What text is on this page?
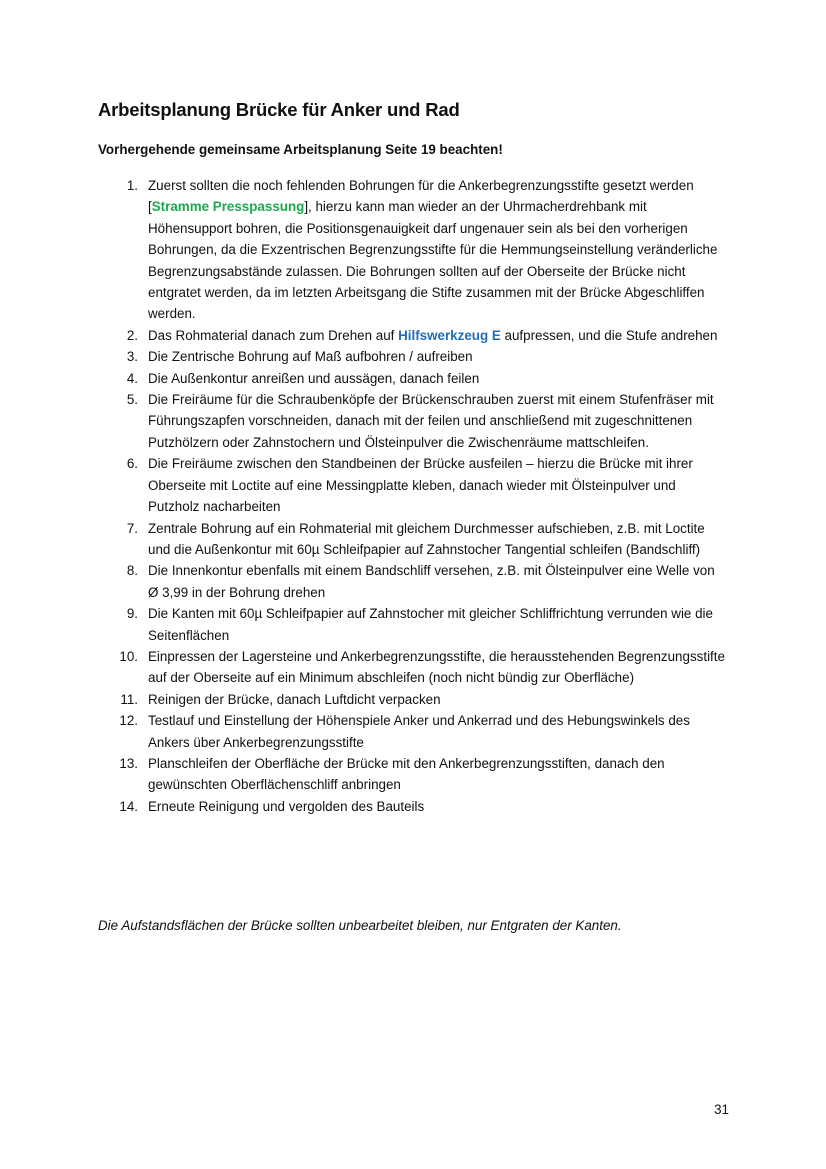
Arbeitsplanung Brücke für Anker und Rad

Vorhergehende gemeinsame Arbeitsplanung Seite 19 beachten!

1. Zuerst sollten die noch fehlenden Bohrungen für die Ankerbegrenzungsstifte gesetzt werden [Stramme Presspassung], hierzu kann man wieder an der Uhrmacherdrehbank mit Höhensupport bohren, die Positionsgenauigkeit darf ungenauer sein als bei den vorherigen Bohrungen, da die Exzentrischen Begrenzungsstifte für die Hemmungseinstellung veränderliche Begrenzungsabstände zulassen. Die Bohrungen sollten auf der Oberseite der Brücke nicht entgratet werden, da im letzten Arbeitsgang die Stifte zusammen mit der Brücke Abgeschliffen werden.
2. Das Rohmaterial danach zum Drehen auf Hilfswerkzeug E aufpressen, und die Stufe andrehen
3. Die Zentrische Bohrung auf Maß aufbohren / aufreiben
4. Die Außenkontur anreißen und aussägen, danach feilen
5. Die Freiräume für die Schraubenköpfe der Brückenschrauben zuerst mit einem Stufenfräser mit Führungszapfen vorschneiden, danach mit der feilen und anschließend mit zugeschnittenen Putzhölzern oder Zahnstochern und Ölsteinpulver die Zwischenräume mattschleifen.
6. Die Freiräume zwischen den Standbeinen der Brücke ausfeilen – hierzu die Brücke mit ihrer Oberseite mit Loctite auf eine Messingplatte kleben, danach wieder mit Ölsteinpulver und Putzholz nacharbeiten
7. Zentrale Bohrung auf ein Rohmaterial mit gleichem Durchmesser aufschieben, z.B. mit Loctite und die Außenkontur mit 60µ Schleifpapier auf Zahnstocher Tangential schleifen (Bandschliff)
8. Die Innenkontur ebenfalls mit einem Bandschliff versehen, z.B. mit Ölsteinpulver eine Welle von Ø 3,99 in der Bohrung drehen
9. Die Kanten mit 60µ Schleifpapier auf Zahnstocher mit gleicher Schliffrichtung verrunden wie die Seitenflächen
10. Einpressen der Lagersteine und Ankerbegrenzungsstifte, die herausstehenden Begrenzungsstifte auf der Oberseite auf ein Minimum abschleifen (noch nicht bündig zur Oberfläche)
11. Reinigen der Brücke, danach Luftdicht verpacken
12. Testlauf und Einstellung der Höhenspiele Anker und Ankerrad und des Hebungswinkels des Ankers über Ankerbegrenzungsstifte
13. Planschleifen der Oberfläche der Brücke mit den Ankerbegrenzungsstiften, danach den gewünschten Oberflächenschliff anbringen
14. Erneute Reinigung und vergolden des Bauteils

Die Aufstandsflächen der Brücke sollten unbearbeitet bleiben, nur Entgraten der Kanten.

31
